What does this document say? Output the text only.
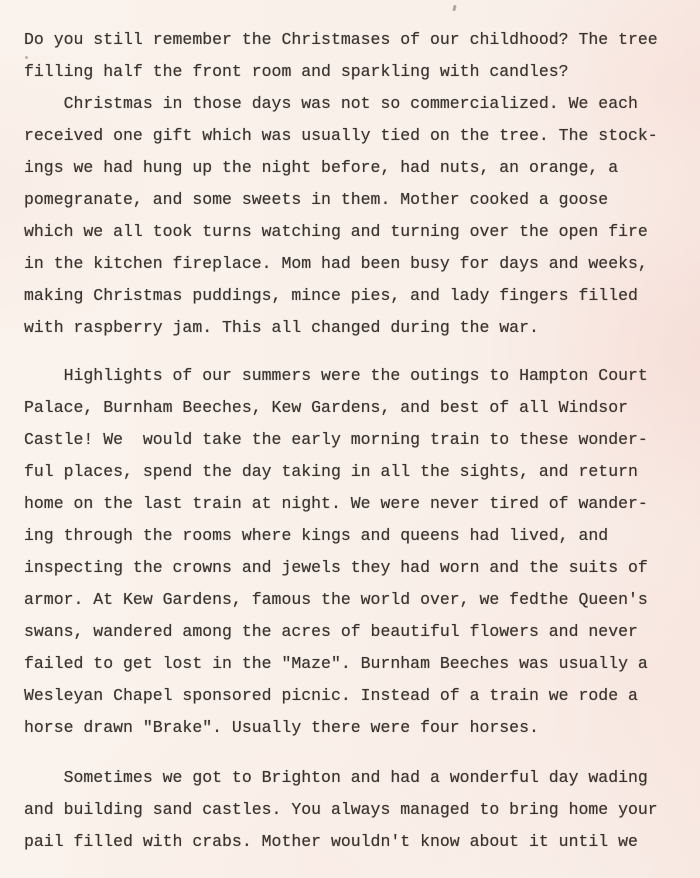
Do you still remember the Christmases of our childhood? The tree
filling half the front room and sparkling with candles?
Christmas in those days was not so commercialized. We each
received one gift which was usually tied on the tree. The stock-
ings we had hung up the night before, had nuts, an orange, a
pomegranate, and some sweets in them. Mother cooked a goose
which we all took turns watching and turning over the open fire
in the kitchen fireplace. Mom had been busy for days and weeks,
making Christmas puddings, mince pies, and lady fingers filled
with raspberry jam. This all changed during the war.
Highlights of our summers were the outings to Hampton Court
Palace, Burnham Beeches, Kew Gardens, and best of all Windsor
Castle! We  would take the early morning train to these wonder-
ful places, spend the day taking in all the sights, and return
home on the last train at night. We were never tired of wander-
ing through the rooms where kings and queens had lived, and
inspecting the crowns and jewels they had worn and the suits of
armor. At Kew Gardens, famous the world over, we fedthe Queen's
swans, wandered among the acres of beautiful flowers and never
failed to get lost in the "Maze". Burnham Beeches was usually a
Wesleyan Chapel sponsored picnic. Instead of a train we rode a
horse drawn "Brake". Usually there were four horses.
Sometimes we got to Brighton and had a wonderful day wading
and building sand castles. You always managed to bring home your
pail filled with crabs. Mother wouldn't know about it until we
